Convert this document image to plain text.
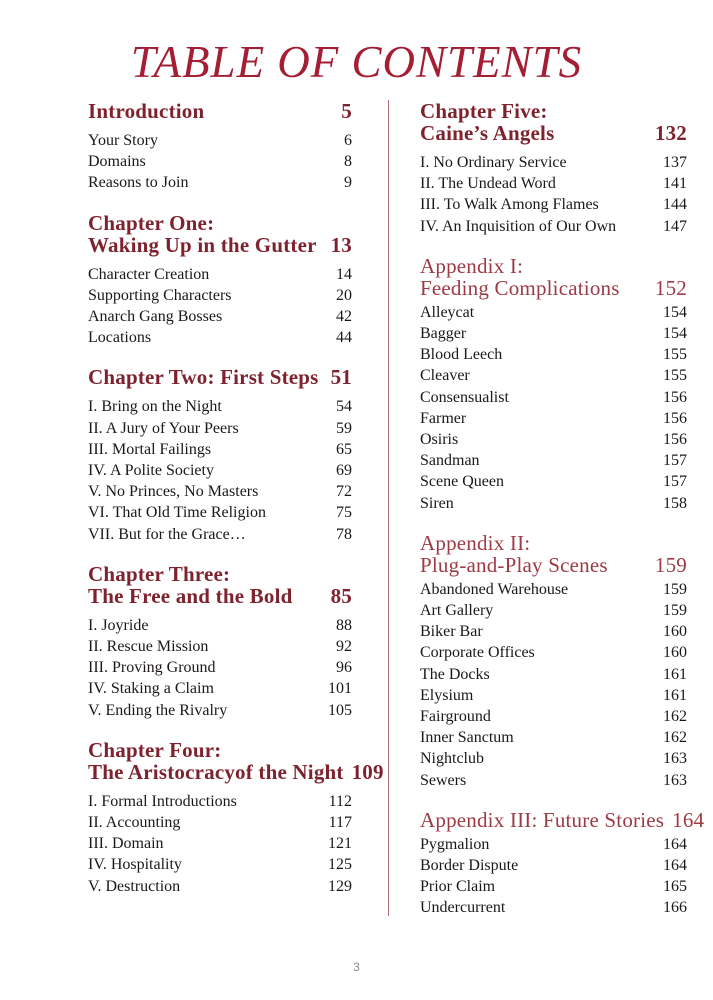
TABLE OF CONTENTS
Introduction	5
Your Story	6
Domains	8
Reasons to Join	9
Chapter One:
Waking Up in the Gutter 13
Character Creation	14
Supporting Characters	20
Anarch Gang Bosses	42
Locations	44
Chapter Two: First Steps 51
I. Bring on the Night	54
II. A Jury of Your Peers	59
III. Mortal Failings	65
IV. A Polite Society	69
V. No Princes, No Masters	72
VI. That Old Time Religion	75
VII. But for the Grace…	78
Chapter Three:
The Free and the Bold	85
I. Joyride	88
II. Rescue Mission	92
III. Proving Ground	96
IV. Staking a Claim	101
V. Ending the Rivalry	105
Chapter Four:
The Aristocracyof the Night 109
I. Formal Introductions	112
II. Accounting	117
III. Domain	121
IV. Hospitality	125
V. Destruction	129
Chapter Five:
Caine’s Angels	132
I. No Ordinary Service	137
II. The Undead Word	141
III. To Walk Among Flames	144
IV. An Inquisition of Our Own	147
Appendix I:
Feeding Complications	152
Alleycat	154
Bagger	154
Blood Leech	155
Cleaver	155
Consensualist	156
Farmer	156
Osiris	156
Sandman	157
Scene Queen	157
Siren	158
Appendix II:
Plug-and-Play Scenes	159
Abandoned Warehouse	159
Art Gallery	159
Biker Bar	160
Corporate Offices	160
The Docks	161
Elysium	161
Fairground	162
Inner Sanctum	162
Nightclub	163
Sewers	163
Appendix III: Future Stories 164
Pygmalion	164
Border Dispute	164
Prior Claim	165
Undercurrent	166
3
